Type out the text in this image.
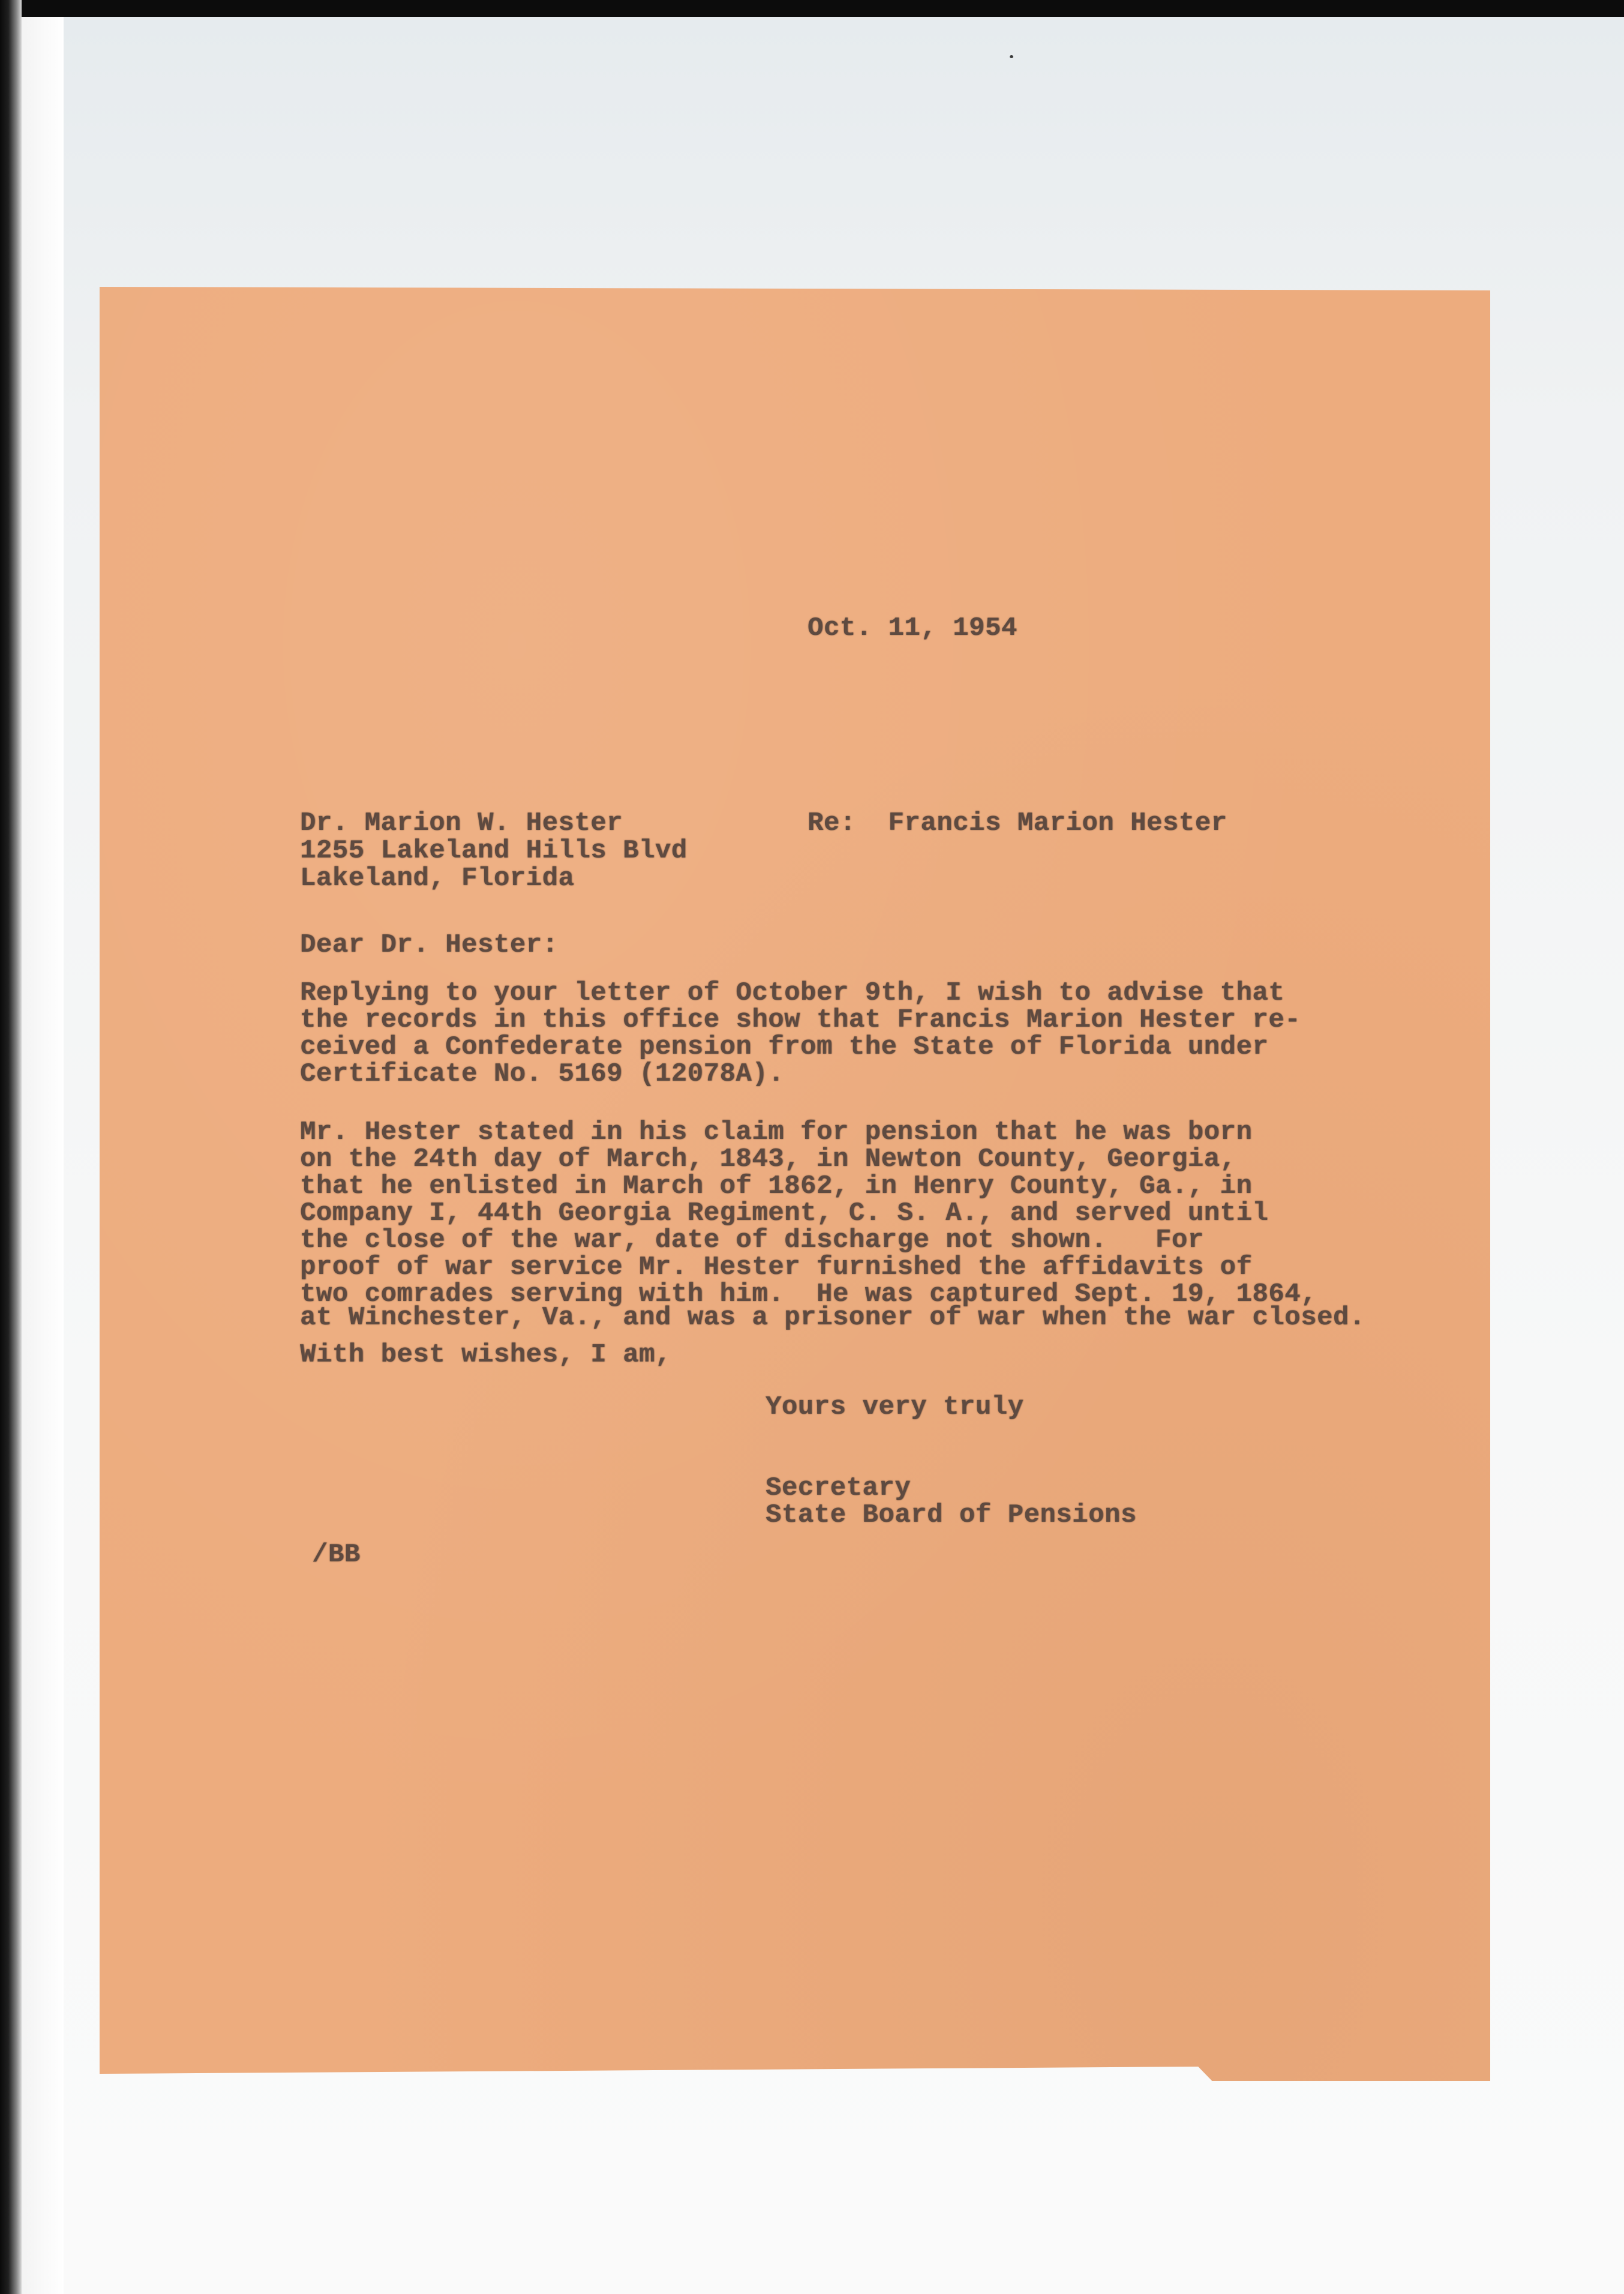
Oct. 11, 1954
Dr. Marion W. Hester
1255 Lakeland Hills Blvd
Lakeland, Florida
Re:  Francis Marion Hester
Dear Dr. Hester:
Replying to your letter of October 9th, I wish to advise that
the records in this office show that Francis Marion Hester re-
ceived a Confederate pension from the State of Florida under
Certificate No. 5169 (12078A).
Mr. Hester stated in his claim for pension that he was born
on the 24th day of March, 1843, in Newton County, Georgia,
that he enlisted in March of 1862, in Henry County, Ga., in
Company I, 44th Georgia Regiment, C. S. A., and served until
the close of the war, date of discharge not shown.   For
proof of war service Mr. Hester furnished the affidavits of
two comrades serving with him.  He was captured Sept. 19, 1864,
at Winchester, Va., and was a prisoner of war when the war closed.
With best wishes, I am,
Yours very truly
Secretary
State Board of Pensions
/BB
